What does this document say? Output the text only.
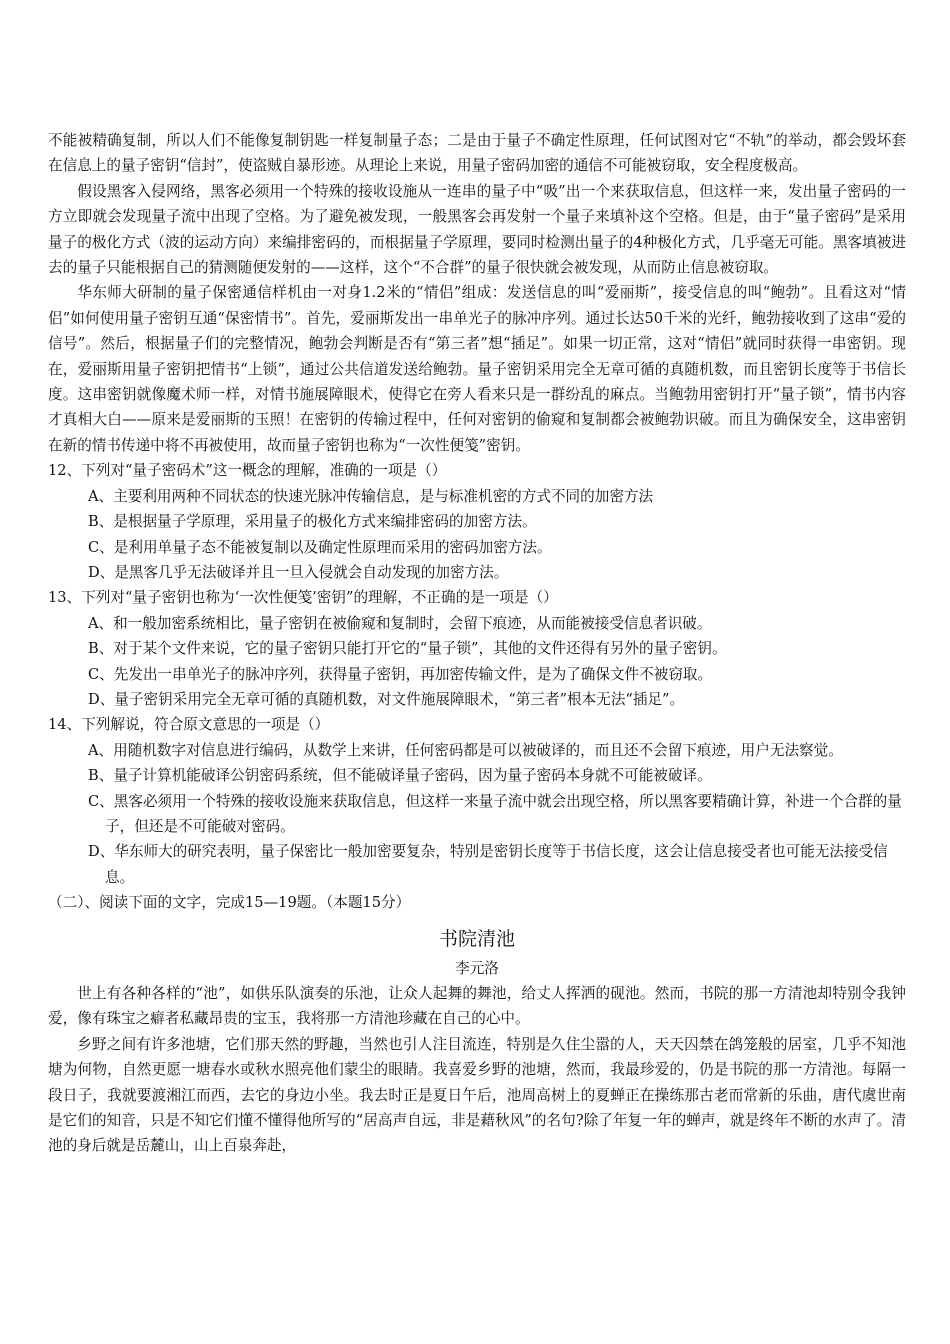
不能被精确复制，所以人们不能像复制钥匙一样复制量子态；二是由于量子不确定性原理，任何试图对它“不轨”的举动，都会毁坏套在信息上的量子密钥“信封”，使盗贼自暴形迹。从理论上来说，用量子密码加密的通信不可能被窃取，安全程度极高。

假设黑客入侵网络，黑客必须用一个特殊的接收设施从一连串的量子中“吸”出一个来获取信息，但这样一来，发出量子密码的一方立即就会发现量子流中出现了空格。为了避免被发现，一般黑客会再发射一个量子来填补这个空格。但是，由于“量子密码”是采用量子的极化方式（波的运动方向）来编排密码的，而根据量子学原理，要同时检测出量子的4种极化方式，几乎毫无可能。黑客填被进去的量子只能根据自己的猜测随便发射的——这样，这个“不合群”的量子很快就会被发现，从而防止信息被窃取。

华东师大研制的量子保密通信样机由一对身1.2米的“情侣”组成：发送信息的叫“爱丽斯”，接受信息的叫“鲍勃”。且看这对“情侣”如何使用量子密钥互通“保密情书”。首先，爱丽斯发出一串单光子的脉冲序列。通过长达50千米的光纤，鲍勃接收到了这串“爱的信号”。然后，根据量子们的完整情况，鲍勃会判断是否有“第三者”想“插足”。如果一切正常，这对“情侣”就同时获得一串密钥。现在，爱丽斯用量子密钥把情书“上锁”，通过公共信道发送给鲍勃。量子密钥采用完全无章可循的真随机数，而且密钥长度等于书信长度。这串密钥就像魔术师一样，对情书施展障眼术，使得它在旁人看来只是一群纷乱的麻点。当鲍勃用密钥打开“量子锁”，情书内容才真相大白——原来是爱丽斯的玉照！在密钥的传输过程中，任何对密钥的偷窥和复制都会被鲍勃识破。而且为确保安全，这串密钥在新的情书传递中将不再被使用，故而量子密钥也称为“一次性便笺”密钥。

12、下列对“量子密码术”这一概念的理解，准确的一项是（）

A、主要利用两种不同状态的快速光脉冲传输信息，是与标准机密的方式不同的加密方法

B、是根据量子学原理，采用量子的极化方式来编排密码的加密方法。

C、是利用单量子态不能被复制以及确定性原理而采用的密码加密方法。

D、是黑客几乎无法破译并且一旦入侵就会自动发现的加密方法。

13、下列对“量子密钥也称为‘一次性便笺’密钥”的理解，不正确的是一项是（）

A、和一般加密系统相比，量子密钥在被偷窥和复制时，会留下痕迹，从而能被接受信息者识破。

B、对于某个文件来说，它的量子密钥只能打开它的“量子锁”，其他的文件还得有另外的量子密钥。

C、先发出一串单光子的脉冲序列，获得量子密钥，再加密传输文件，是为了确保文件不被窃取。

D、量子密钥采用完全无章可循的真随机数，对文件施展障眼术，“第三者”根本无法“插足”。

14、下列解说，符合原文意思的一项是（）

A、用随机数字对信息进行编码，从数学上来讲，任何密码都是可以被破译的，而且还不会留下痕迹，用户无法察觉。

B、量子计算机能破译公钥密码系统，但不能破译量子密码，因为量子密码本身就不可能被破译。

C、黑客必须用一个特殊的接收设施来获取信息，但这样一来量子流中就会出现空格，所以黑客要精确计算，补进一个合群的量子，但还是不可能破对密码。

D、华东师大的研究表明，量子保密比一般加密要复杂，特别是密钥长度等于书信长度，这会让信息接受者也可能无法接受信息。

（二）、阅读下面的文字，完成15—19题。（本题15分）

书院清池

李元洛

世上有各种各样的“池”，如供乐队演奏的乐池，让众人起舞的舞池，给丈人挥洒的砚池。然而，书院的那一方清池却特别令我钟爱，像有珠宝之癖者私藏昂贵的宝玉，我将那一方清池珍藏在自己的心中。

乡野之间有许多池塘，它们那天然的野趣，当然也引人注目流连，特别是久住尘嚣的人，天天囚禁在鸽笼般的居室，几乎不知池塘为何物，自然更愿一塘春水或秋水照亮他们蒙尘的眼睛。我喜爱乡野的池塘，然而，我最珍爱的，仍是书院的那一方清池。每隔一段日子，我就要渡湘江而西，去它的身边小坐。我去时正是夏日午后，池周高树上的夏蝉正在操练那古老而常新的乐曲，唐代虞世南是它们的知音，只是不知它们懂不懂得他所写的“居高声自远，非是藉秋风”的名句?除了年复一年的蝉声，就是终年不断的水声了。清池的身后就是岳麓山，山上百泉奔赴，
